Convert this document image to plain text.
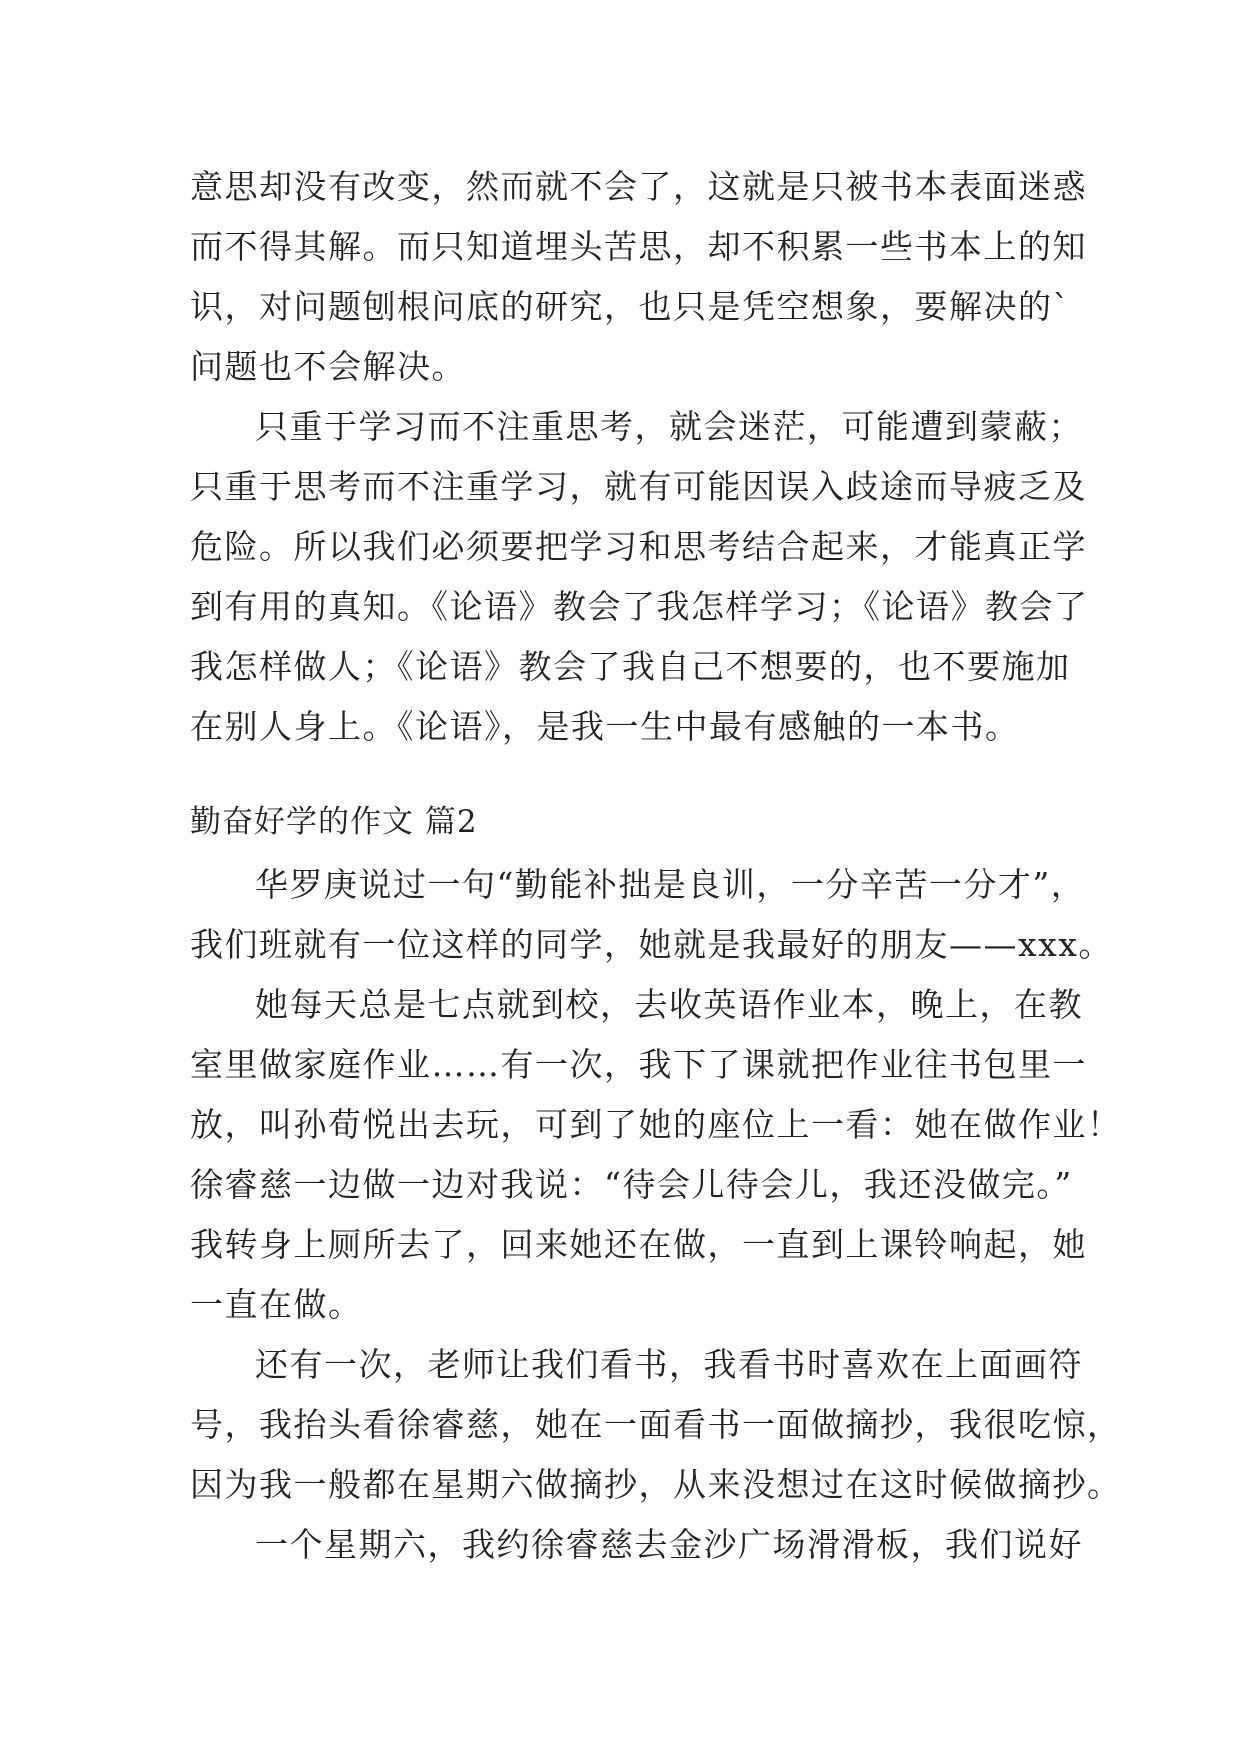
意思却没有改变，然而就不会了，这就是只被书本表面迷惑
而不得其解。而只知道埋头苦思，却不积累一些书本上的知
识，对问题刨根问底的研究，也只是凭空想象，要解决的`
问题也不会解决。
只重于学习而不注重思考，就会迷茫，可能遭到蒙蔽；
只重于思考而不注重学习，就有可能因误入歧途而导疲乏及
危险。所以我们必须要把学习和思考结合起来，才能真正学
到有用的真知。《论语》教会了我怎样学习；《论语》教会了
我怎样做人；《论语》教会了我自己不想要的，也不要施加
在别人身上。《论语》，是我一生中最有感触的一本书。
勤奋好学的作文 篇2
华罗庚说过一句“勤能补拙是良训，一分辛苦一分才”，
我们班就有一位这样的同学，她就是我最好的朋友——xxx。
她每天总是七点就到校，去收英语作业本，晚上，在教
室里做家庭作业……有一次，我下了课就把作业往书包里一
放，叫孙荀悦出去玩，可到了她的座位上一看：她在做作业！
徐睿慈一边做一边对我说：“待会儿待会儿，我还没做完。”
我转身上厕所去了，回来她还在做，一直到上课铃响起，她
一直在做。
还有一次，老师让我们看书，我看书时喜欢在上面画符
号，我抬头看徐睿慈，她在一面看书一面做摘抄，我很吃惊，
因为我一般都在星期六做摘抄，从来没想过在这时候做摘抄。
一个星期六，我约徐睿慈去金沙广场滑滑板，我们说好
